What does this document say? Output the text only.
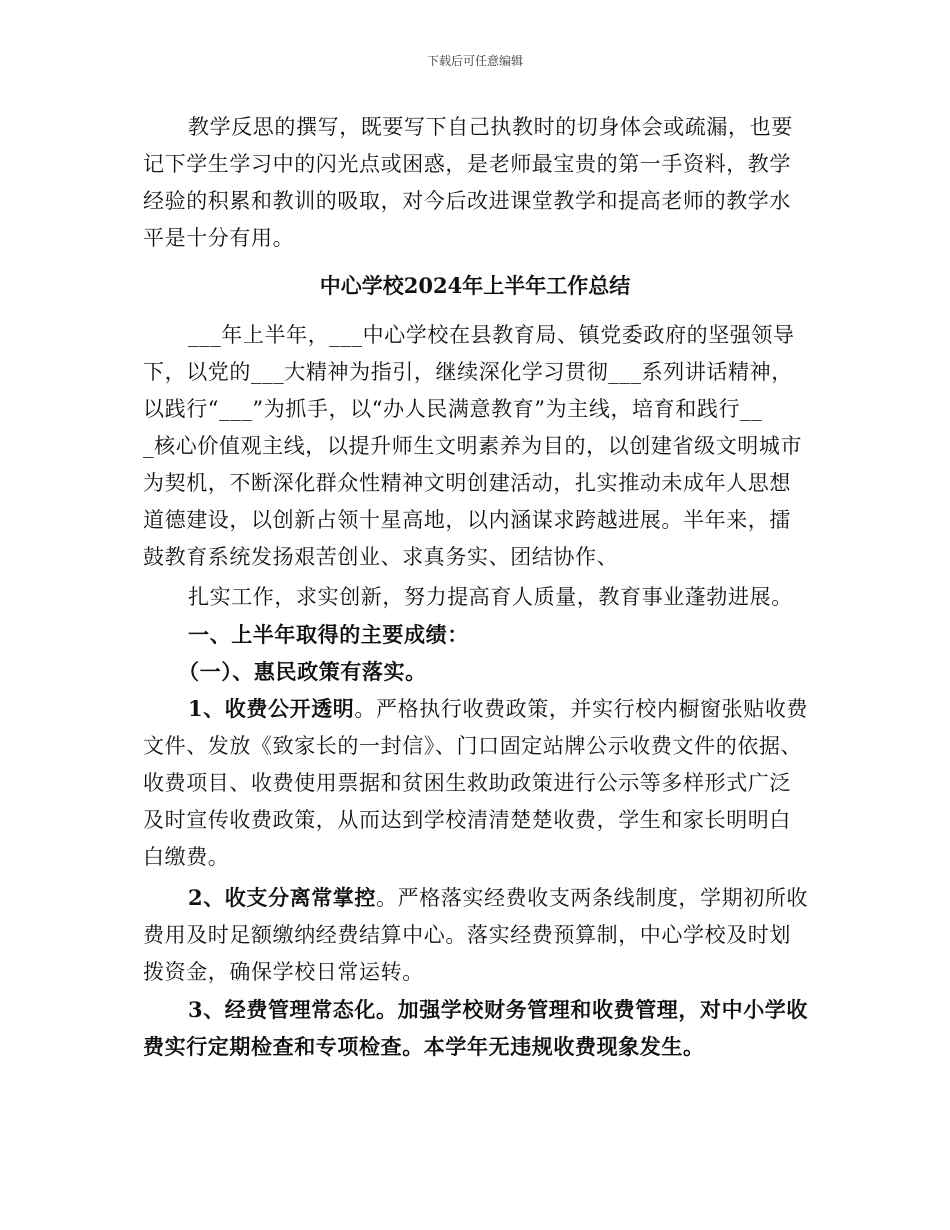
下载后可任意编辑
教学反思的撰写，既要写下自己执教时的切身体会或疏漏，也要
记下学生学习中的闪光点或困惑，是老师最宝贵的第一手资料，教学
经验的积累和教训的吸取，对今后改进课堂教学和提高老师的教学水
平是十分有用。
中心学校2024年上半年工作总结
___年上半年，___中心学校在县教育局、镇党委政府的坚强领导
下，以党的___大精神为指引，继续深化学习贯彻___系列讲话精神，
以践行“___”为抓手，以“办人民满意教育”为主线，培育和践行__
_核心价值观主线，以提升师生文明素养为目的，以创建省级文明城市
为契机，不断深化群众性精神文明创建活动，扎实推动未成年人思想
道德建设，以创新占领十星高地，以内涵谋求跨越进展。半年来，擂
鼓教育系统发扬艰苦创业、求真务实、团结协作、
扎实工作，求实创新，努力提高育人质量，教育事业蓬勃进展。
一、上半年取得的主要成绩：
（一）、惠民政策有落实。
1、收费公开透明。严格执行收费政策，并实行校内橱窗张贴收费
文件、发放《致家长的一封信》、门口固定站牌公示收费文件的依据、
收费项目、收费使用票据和贫困生救助政策进行公示等多样形式广泛
及时宣传收费政策，从而达到学校清清楚楚收费，学生和家长明明白
白缴费。
2、收支分离常掌控。严格落实经费收支两条线制度，学期初所收
费用及时足额缴纳经费结算中心。落实经费预算制，中心学校及时划
拨资金，确保学校日常运转。
3、经费管理常态化。加强学校财务管理和收费管理，对中小学收
费实行定期检查和专项检查。本学年无违规收费现象发生。
